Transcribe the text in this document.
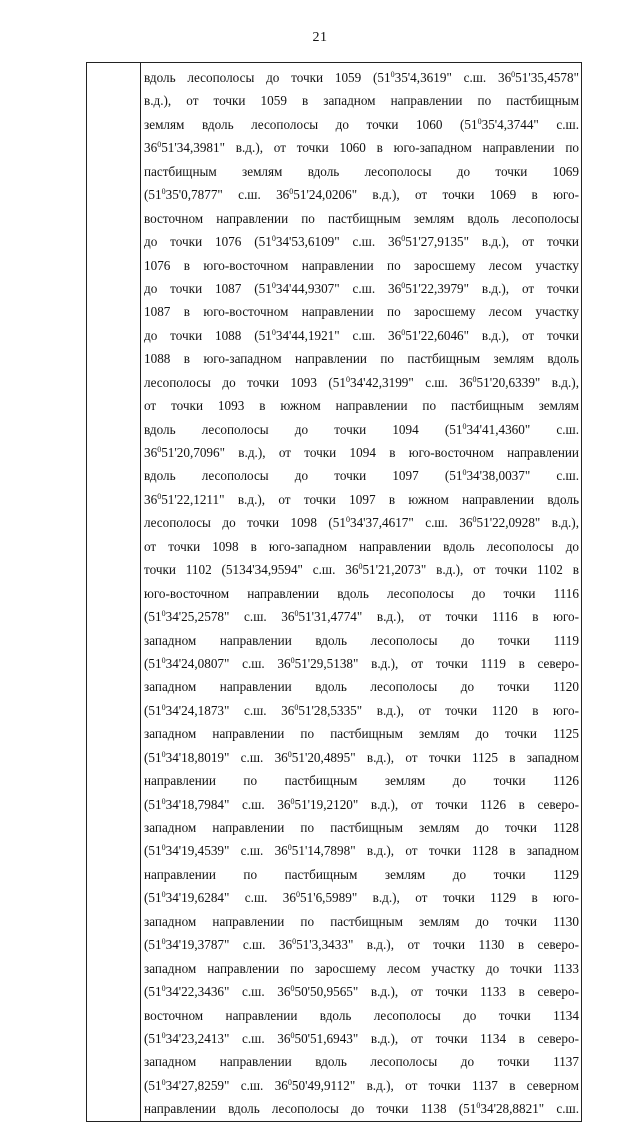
21

вдоль лесополосы до точки 1059 ($51^035'4,3619$" с.ш. $36^051'35,4578$"
в.д.), от точки 1059 в западном направлении по пастбищным
землям вдоль лесополосы до точки 1060 ($51^035'4,3744$" с.ш.
$36^051'34,3981$" в.д.), от точки 1060 в юго-западном направлении по
пастбищным землям вдоль лесополосы до точки 1069
($51^035'0,7877$" с.ш. $36^051'24,0206$" в.д.), от точки 1069 в юго-
восточном направлении по пастбищным землям вдоль лесополосы
до точки 1076 ($51^034'53,6109$" с.ш. $36^051'27,9135$" в.д.), от точки
1076 в юго-восточном направлении по заросшему лесом участку
до точки 1087 ($51^034'44,9307$" с.ш. $36^051'22,3979$" в.д.), от точки
1087 в юго-восточном направлении по заросшему лесом участку
до точки 1088 ($51^034'44,1921$" с.ш. $36^051'22,6046$" в.д.), от точки
1088 в юго-западном направлении по пастбищным землям вдоль
лесополосы до точки 1093 ($51^034'42,3199$" с.ш. $36^051'20,6339$" в.д.),
от точки 1093 в южном направлении по пастбищным землям
вдоль лесополосы до точки 1094 ($51^034'41,4360$" с.ш.
$36^051'20,7096$" в.д.), от точки 1094 в юго-восточном направлении
вдоль лесополосы до точки 1097 ($51^034'38,0037$" с.ш.
$36^051'22,1211$" в.д.), от точки 1097 в южном направлении вдоль
лесополосы до точки 1098 ($51^034'37,4617$" с.ш. $36^051'22,0928$" в.д.),
от точки 1098 в юго-западном направлении вдоль лесополосы до
точки 1102 (5134'34,9594" с.ш. $36^051'21,2073$" в.д.), от точки 1102 в
юго-восточном направлении вдоль лесополосы до точки 1116
($51^034'25,2578$" с.ш. $36^051'31,4774$" в.д.), от точки 1116 в юго-
западном направлении вдоль лесополосы до точки 1119
($51^034'24,0807$" с.ш. $36^051'29,5138$" в.д.), от точки 1119 в северо-
западном направлении вдоль лесополосы до точки 1120
($51^034'24,1873$" с.ш. $36^051'28,5335$" в.д.), от точки 1120 в юго-
западном направлении по пастбищным землям до точки 1125
($51^034'18,8019$" с.ш. $36^051'20,4895$" в.д.), от точки 1125 в западном
направлении по пастбищным землям до точки 1126
($51^034'18,7984$" с.ш. $36^051'19,2120$" в.д.), от точки 1126 в северо-
западном направлении по пастбищным землям до точки 1128
($51^034'19,4539$" с.ш. $36^051'14,7898$" в.д.), от точки 1128 в западном
направлении по пастбищным землям до точки 1129
($51^034'19,6284$" с.ш. $36^051'6,5989$" в.д.), от точки 1129 в юго-
западном направлении по пастбищным землям до точки 1130
($51^034'19,3787$" с.ш. $36^051'3,3433$" в.д.), от точки 1130 в северо-
западном направлении по заросшему лесом участку до точки 1133
($51^034'22,3436$" с.ш. $36^050'50,9565$" в.д.), от точки 1133 в северо-
восточном направлении вдоль лесополосы до точки 1134
($51^034'23,2413$" с.ш. $36^050'51,6943$" в.д.), от точки 1134 в северо-
западном направлении вдоль лесополосы до точки 1137
($51^034'27,8259$" с.ш. $36^050'49,9112$" в.д.), от точки 1137 в северном
направлении вдоль лесополосы до точки 1138 ($51^034'28,8821$" с.ш.
